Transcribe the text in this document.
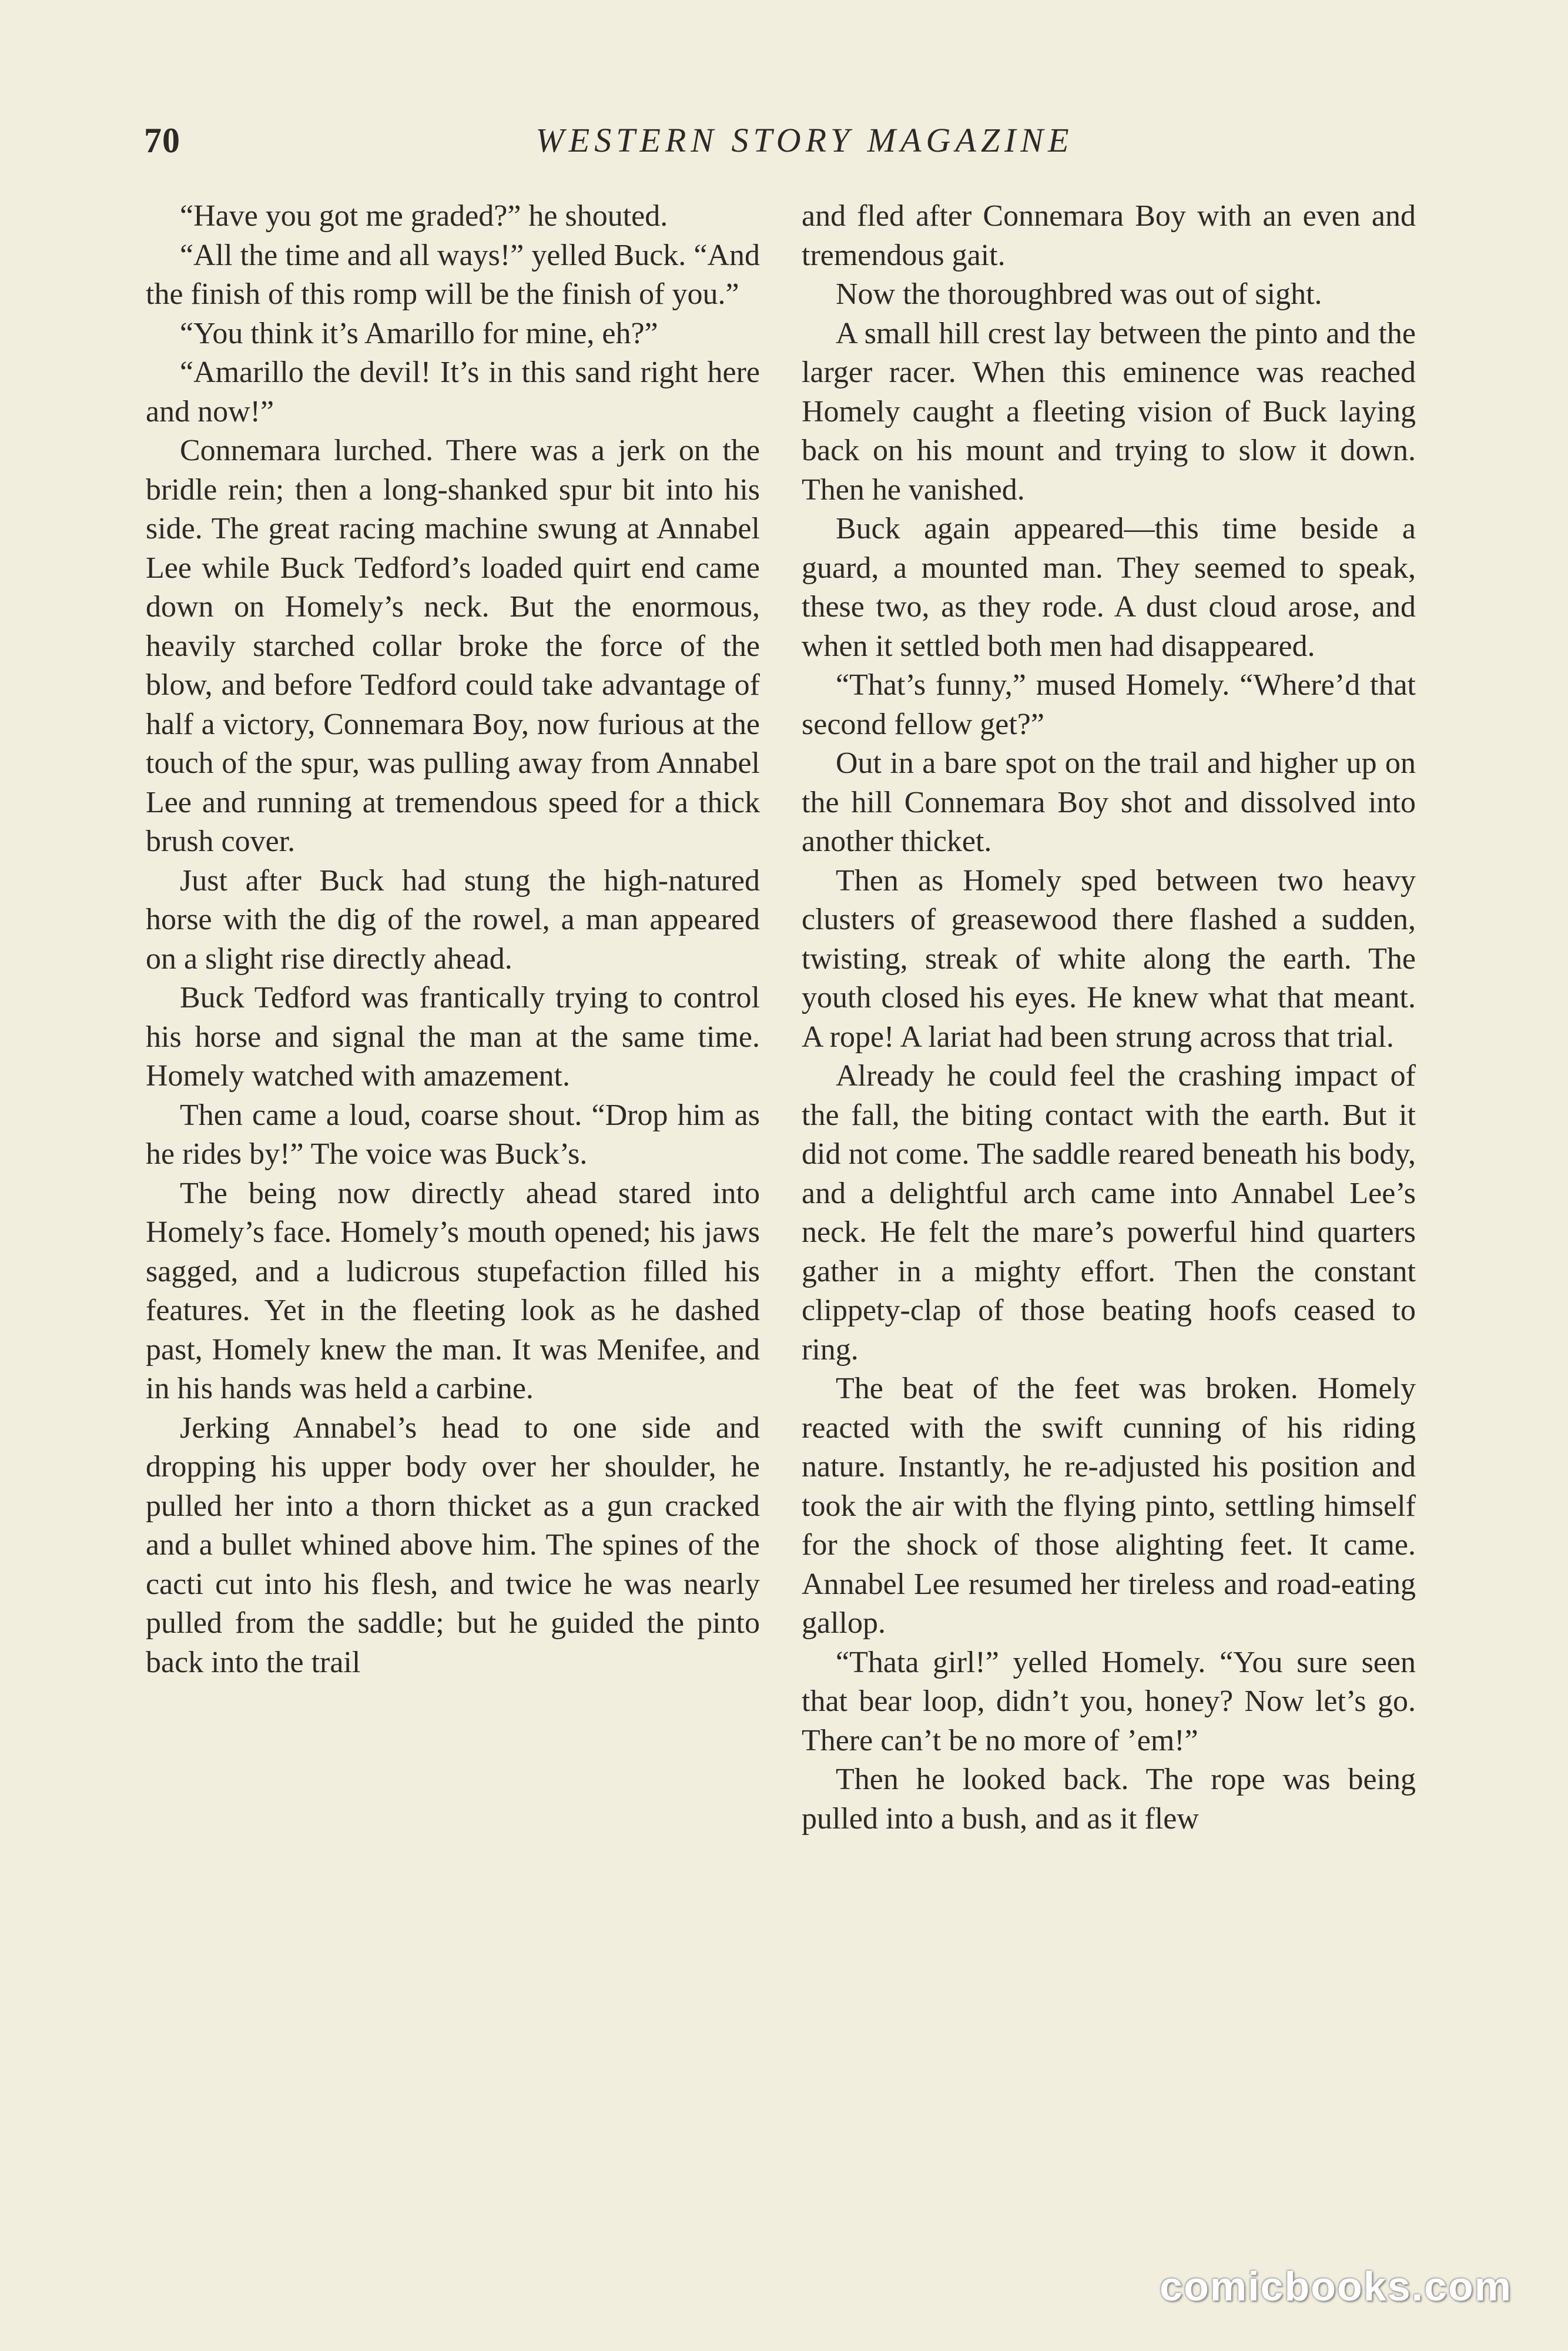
70	WESTERN STORY MAGAZINE

“Have you got me graded?” he shouted.

“All the time and all ways!” yelled Buck. “And the finish of this romp will be the finish of you.”

“You think it’s Amarillo for mine, eh?”

“Amarillo the devil! It’s in this sand right here and now!”

Connemara lurched. There was a jerk on the bridle rein; then a long-shanked spur bit into his side. The great racing machine swung at Annabel Lee while Buck Tedford’s loaded quirt end came down on Homely’s neck. But the enormous, heavily starched collar broke the force of the blow, and before Tedford could take advantage of half a victory, Connemara Boy, now furious at the touch of the spur, was pulling away from Annabel Lee and running at tremendous speed for a thick brush cover.

Just after Buck had stung the high-natured horse with the dig of the rowel, a man appeared on a slight rise directly ahead.

Buck Tedford was frantically trying to control his horse and signal the man at the same time. Homely watched with amazement.

Then came a loud, coarse shout. “Drop him as he rides by!” The voice was Buck’s.

The being now directly ahead stared into Homely’s face. Homely’s mouth opened; his jaws sagged, and a ludicrous stupefaction filled his features. Yet in the fleeting look as he dashed past, Homely knew the man. It was Menifee, and in his hands was held a carbine.

Jerking Annabel’s head to one side and dropping his upper body over her shoulder, he pulled her into a thorn thicket as a gun cracked and a bullet whined above him. The spines of the cacti cut into his flesh, and twice he was nearly pulled from the saddle; but he guided the pinto back into the trail

and fled after Connemara Boy with an even and tremendous gait.

Now the thoroughbred was out of sight.

A small hill crest lay between the pinto and the larger racer. When this eminence was reached Homely caught a fleeting vision of Buck laying back on his mount and trying to slow it down. Then he vanished.

Buck again appeared—this time beside a guard, a mounted man. They seemed to speak, these two, as they rode. A dust cloud arose, and when it settled both men had disappeared.

“That’s funny,” mused Homely. “Where’d that second fellow get?”

Out in a bare spot on the trail and higher up on the hill Connemara Boy shot and dissolved into another thicket.

Then as Homely sped between two heavy clusters of greasewood there flashed a sudden, twisting, streak of white along the earth. The youth closed his eyes. He knew what that meant. A rope! A lariat had been strung across that trial.

Already he could feel the crashing impact of the fall, the biting contact with the earth. But it did not come. The saddle reared beneath his body, and a delightful arch came into Annabel Lee’s neck. He felt the mare’s powerful hind quarters gather in a mighty effort. Then the constant clippety-clap of those beating hoofs ceased to ring.

The beat of the feet was broken. Homely reacted with the swift cunning of his riding nature. Instantly, he re-adjusted his position and took the air with the flying pinto, settling himself for the shock of those alighting feet. It came. Annabel Lee resumed her tireless and road-eating gallop.

“Thata girl!” yelled Homely. “You sure seen that bear loop, didn’t you, honey? Now let’s go. There can’t be no more of ’em!”

Then he looked back. The rope was being pulled into a bush, and as it flew

comicbooks.com
